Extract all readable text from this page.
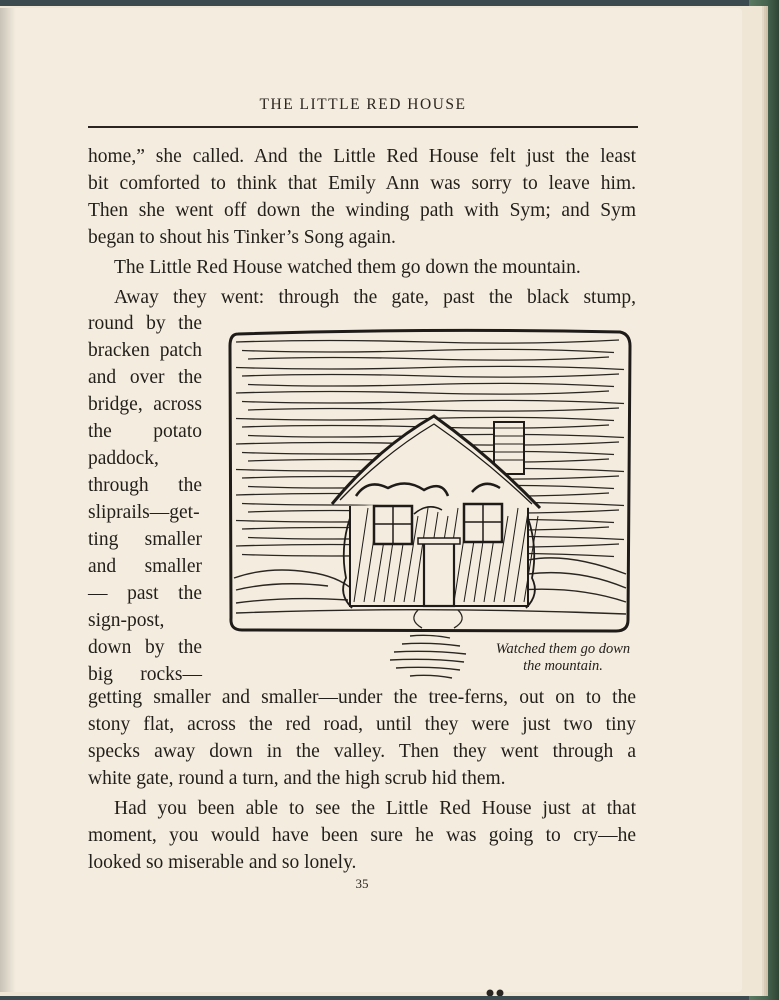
THE LITTLE RED HOUSE
home,” she called. And the Little Red House felt just the least
bit comforted to think that Emily Ann was sorry to leave him.
Then she went off down the winding path with Sym; and Sym
began to shout his Tinker’s Song again.
The Little Red House watched them go down the mountain.
Away they went: through the gate, past the black stump,
round by the
bracken patch
and over the
bridge, across
the potato
paddock,
through the
sliprails—get-
ting smaller
and smaller
— past the
sign-post,
down by the
big rocks—
Watched them go down
the mountain.
getting smaller and smaller—under the tree-ferns, out on to the
stony flat, across the red road, until they were just two tiny
specks away down in the valley. Then they went through a
white gate, round a turn, and the high scrub hid them.
Had you been able to see the Little Red House just at that
moment, you would have been sure he was going to cry—he
looked so miserable and so lonely.
35
